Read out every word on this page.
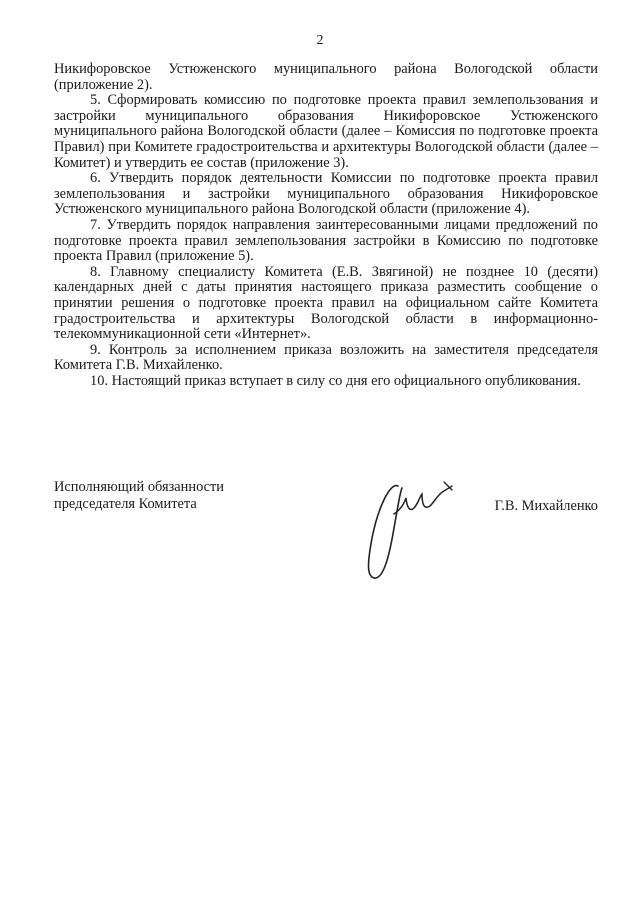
2

Никифоровское Устюженского муниципального района Вологодской области (приложение 2).

5. Сформировать комиссию по подготовке проекта правил землепользования и застройки муниципального образования Никифоровское Устюженского муниципального района Вологодской области (далее – Комиссия по подготовке проекта Правил) при Комитете градостроительства и архитектуры Вологодской области (далее – Комитет) и утвердить ее состав (приложение 3).

6. Утвердить порядок деятельности Комиссии по подготовке проекта правил землепользования и застройки муниципального образования Никифоровское Устюженского муниципального района Вологодской области (приложение 4).

7. Утвердить порядок направления заинтересованными лицами предложений по подготовке проекта правил землепользования застройки в Комиссию по подготовке проекта Правил (приложение 5).

8. Главному специалисту Комитета (Е.В. Звягиной) не позднее 10 (десяти) календарных дней с даты принятия настоящего приказа разместить сообщение о принятии решения о подготовке проекта правил на официальном сайте Комитета градостроительства и архитектуры Вологодской области в информационно-телекоммуникационной сети «Интернет».

9. Контроль за исполнением приказа возложить на заместителя председателя Комитета Г.В. Михайленко.

10. Настоящий приказ вступает в силу со дня его официального опубликования.

Исполняющий обязанности
председателя Комитета	Г.В. Михайленко
